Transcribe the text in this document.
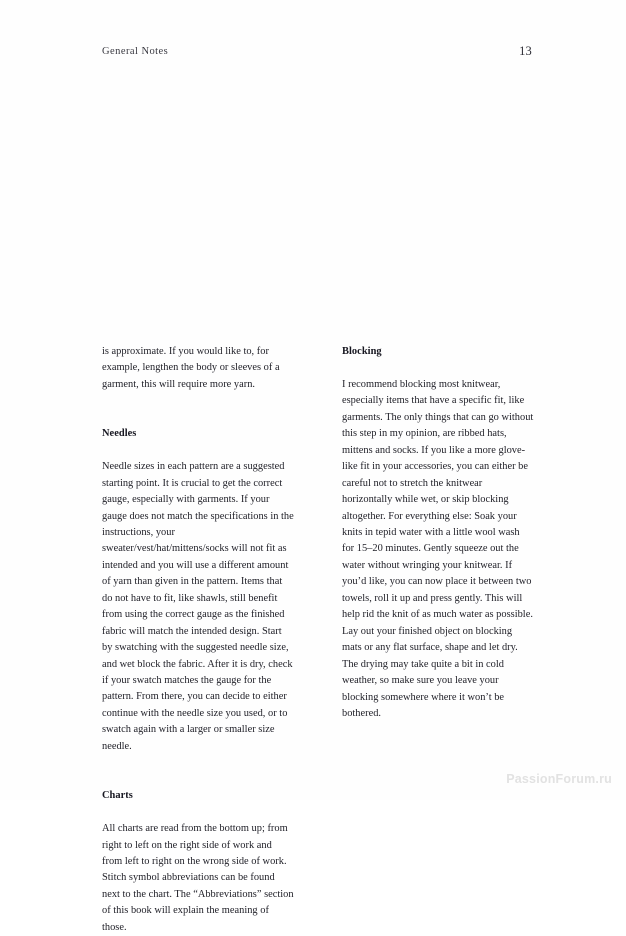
General Notes	13

is approximate. If you would like to, for example, lengthen the body or sleeves of a garment, this will require more yarn.

Needles

Needle sizes in each pattern are a suggested starting point. It is crucial to get the correct gauge, especially with garments. If your gauge does not match the specifications in the instructions, your sweater/vest/hat/mittens/socks will not fit as intended and you will use a different amount of yarn than given in the pattern. Items that do not have to fit, like shawls, still benefit from using the correct gauge as the finished fabric will match the intended design. Start by swatching with the suggested needle size, and wet block the fabric. After it is dry, check if your swatch matches the gauge for the pattern. From there, you can decide to either continue with the needle size you used, or to swatch again with a larger or smaller size needle.

Charts

All charts are read from the bottom up; from right to left on the right side of work and from left to right on the wrong side of work. Stitch symbol abbreviations can be found next to the chart. The “Abbreviations” section of this book will explain the meaning of those.

Blocking

I recommend blocking most knitwear, especially items that have a specific fit, like garments. The only things that can go without this step in my opinion, are ribbed hats, mittens and socks. If you like a more glove-like fit in your accessories, you can either be careful not to stretch the knitwear horizontally while wet, or skip blocking altogether. For everything else: Soak your knits in tepid water with a little wool wash for 15–20 minutes. Gently squeeze out the water without wringing your knitwear. If you’d like, you can now place it between two towels, roll it up and press gently. This will help rid the knit of as much water as possible. Lay out your finished object on blocking mats or any flat surface, shape and let dry. The drying may take quite a bit in cold weather, so make sure you leave your blocking somewhere where it won’t be bothered.

PassionForum.ru
